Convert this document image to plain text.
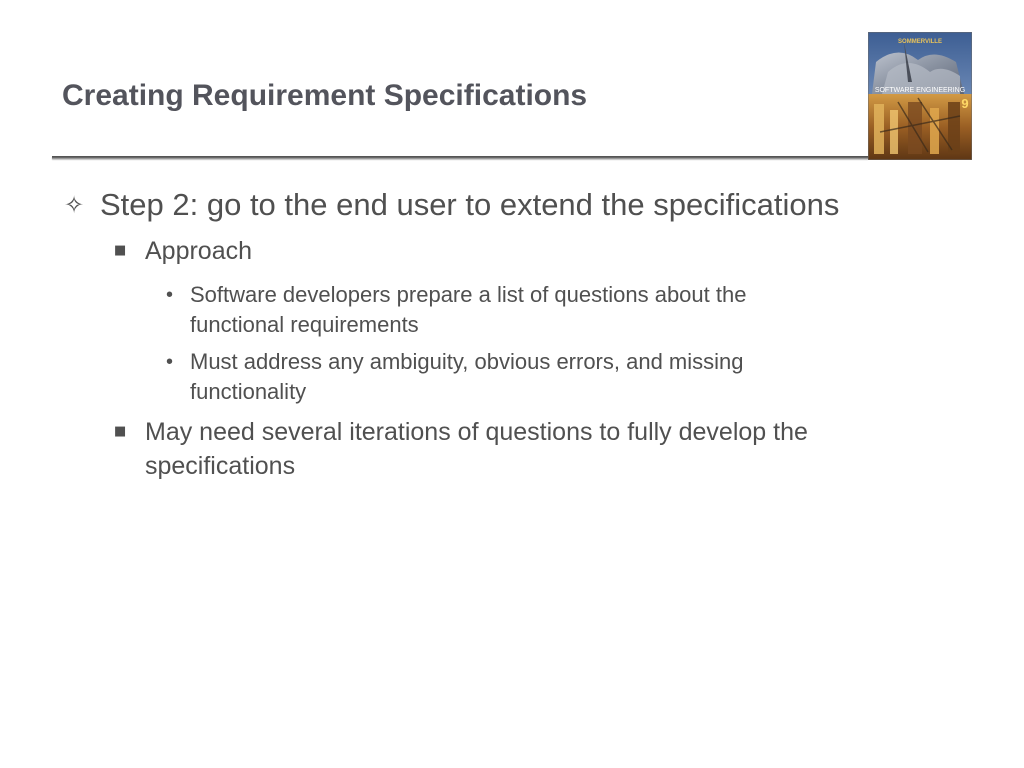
Creating Requirement Specifications
SOMMERVILLE
SOFTWARE ENGINEERING
9
✧ Step 2: go to the end user to extend the specifications
■ Approach
• Software developers prepare a list of questions about the functional requirements
• Must address any ambiguity, obvious errors, and missing functionality
■ May need several iterations of questions to fully develop the specifications
